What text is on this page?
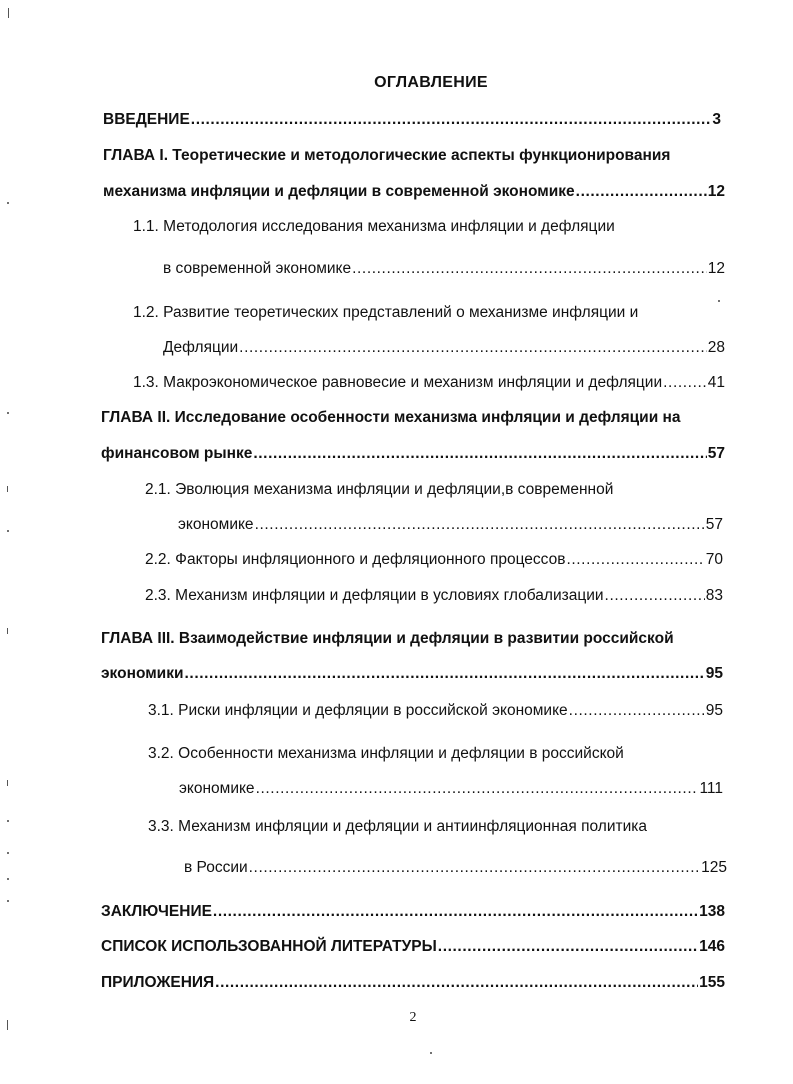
ОГЛАВЛЕНИЕ
ВВЕДЕНИЕ .....	3
ГЛАВА I. Теоретические и методологические аспекты функционирования
механизма инфляции и дефляции в современной экономике .....	12
1.1. Методология исследования механизма инфляции и дефляции
в современной экономике .....	12
1.2. Развитие теоретических представлений о механизме инфляции и
Дефляции .....	28
1.3. Макроэкономическое равновесие и механизм инфляции и дефляции .....	41
ГЛАВА II. Исследование особенности механизма инфляции и дефляции на
финансовом рынке .....	57
2.1. Эволюция механизма инфляции и дефляции,в современной
экономике .....	57
2.2. Факторы инфляционного и дефляционного процессов .....	70
2.3. Механизм инфляции и дефляции в условиях глобализации .....	83
ГЛАВА III. Взаимодействие инфляции и дефляции в развитии российской
экономики .....	95
3.1. Риски инфляции и дефляции в российской экономике .....	95
3.2. Особенности механизма инфляции и дефляции в российской
экономике .....	111
3.3. Механизм инфляции и дефляции и антиинфляционная политика
в России .....	125
ЗАКЛЮЧЕНИЕ .....	138
СПИСОК ИСПОЛЬЗОВАННОЙ ЛИТЕРАТУРЫ .....	146
ПРИЛОЖЕНИЯ .....	155
2
